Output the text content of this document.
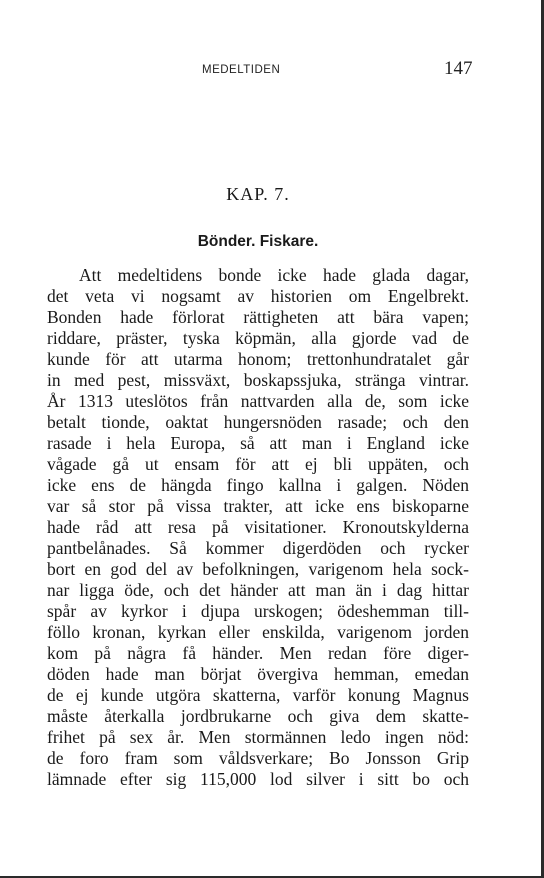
MEDELTIDEN	147
KAP. 7.
Bönder. Fiskare.
Att medeltidens bonde icke hade glada dagar,
det veta vi nogsamt av historien om Engelbrekt.
Bonden hade förlorat rättigheten att bära vapen;
riddare, präster, tyska köpmän, alla gjorde vad de
kunde för att utarma honom; trettonhundratalet går
in med pest, missväxt, boskapssjuka, stränga vintrar.
År 1313 uteslötos från nattvarden alla de, som icke
betalt tionde, oaktat hungersnöden rasade; och den
rasade i hela Europa, så att man i England icke
vågade gå ut ensam för att ej bli uppäten, och
icke ens de hängda fingo kallna i galgen. Nöden
var så stor på vissa trakter, att icke ens biskoparne
hade råd att resa på visitationer. Kronoutskylderna
pantbelånades. Så kommer digerdöden och rycker
bort en god del av befolkningen, varigenom hela sock-
nar ligga öde, och det händer att man än i dag hittar
spår av kyrkor i djupa urskogen; ödeshemman till-
föllo kronan, kyrkan eller enskilda, varigenom jorden
kom på några få händer. Men redan före diger-
döden hade man börjat övergiva hemman, emedan
de ej kunde utgöra skatterna, varför konung Magnus
måste återkalla jordbrukarne och giva dem skatte-
frihet på sex år. Men stormännen ledo ingen nöd:
de foro fram som våldsverkare; Bo Jonsson Grip
lämnade efter sig 115,000 lod silver i sitt bo och
